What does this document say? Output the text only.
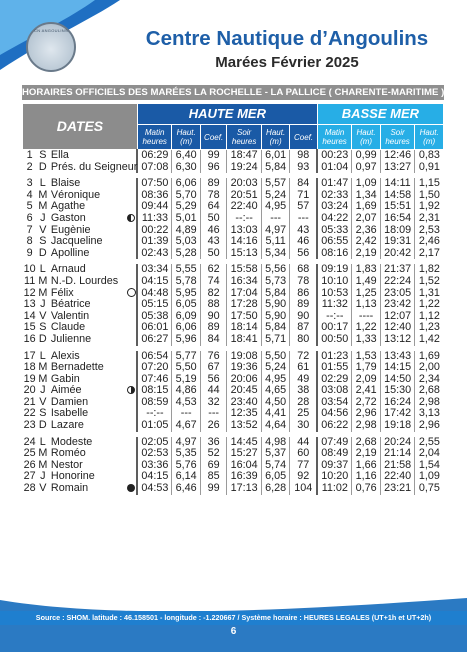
CN ANGOULINS	Centre Nautique d’Angoulins
Marées Février 2025
HORAIRES OFFICIELS DES MARÉES LA ROCHELLE - LA PALLICE ( CHARENTE-MARITIME )
DATES				HAUTE MER						BASSE MER			
				Matin heures	Haut. (m)	Coef.	Soir heures	Haut. (m)	Coef.	Matin heures	Haut. (m)	Soir heures	Haut. (m)
1	S	Ella		06:29	6,40	99	18:47	6,01	98	00:23	0,99	12:46	0,83
2	D	Prés. du Seigneur		07:08	6,30	96	19:24	5,84	93	01:04	0,97	13:27	0,91

3	L	Blaise		07:50	6,06	89	20:03	5,57	84	01:47	1,09	14:11	1,15
4	M	Véronique		08:36	5,70	78	20:51	5,24	71	02:33	1,34	14:58	1,50
5	M	Agathe		09:44	5,29	64	22:40	4,95	57	03:24	1,69	15:51	1,92
6	J	Gaston		11:33	5,01	50	--:--	---	---	04:22	2,07	16:54	2,31
7	V	Eugènie		00:22	4,89	46	13:03	4,97	43	05:33	2,36	18:09	2,53
8	S	Jacqueline		01:39	5,03	43	14:16	5,11	46	06:55	2,42	19:31	2,46
9	D	Apolline		02:43	5,28	50	15:13	5,34	56	08:16	2,19	20:42	2,17

10	L	Arnaud		03:34	5,55	62	15:58	5,56	68	09:19	1,83	21:37	1,82
11	M	N.-D. Lourdes		04:15	5,78	74	16:34	5,73	78	10:10	1,49	22:24	1,52
12	M	Félix		04:48	5,95	82	17:04	5,84	86	10:53	1,25	23:05	1,31
13	J	Béatrice		05:15	6,05	88	17:28	5,90	89	11:32	1,13	23:42	1,22
14	V	Valentin		05:38	6,09	90	17:50	5,90	90	--:--	----	12:07	1,12
15	S	Claude		06:01	6,06	89	18:14	5,84	87	00:17	1,22	12:40	1,23
16	D	Julienne		06:27	5,96	84	18:41	5,71	80	00:50	1,33	13:12	1,42

17	L	Alexis		06:54	5,77	76	19:08	5,50	72	01:23	1,53	13:43	1,69
18	M	Bernadette		07:20	5,50	67	19:36	5,24	61	01:55	1,79	14:15	2,00
19	M	Gabin		07:46	5,19	56	20:06	4,95	49	02:29	2,09	14:50	2,34
20	J	Aimée		08:15	4,86	44	20:45	4,65	38	03:08	2,41	15:30	2,68
21	V	Damien		08:59	4,53	32	23:40	4,50	28	03:54	2,72	16:24	2,98
22	S	Isabelle		--:--	---	---	12:35	4,41	25	04:56	2,96	17:42	3,13
23	D	Lazare		01:05	4,67	26	13:52	4,64	30	06:22	2,98	19:18	2,96

24	L	Modeste		02:05	4,97	36	14:45	4,98	44	07:49	2,68	20:24	2,55
25	M	Roméo		02:53	5,35	52	15:27	5,37	60	08:49	2,19	21:14	2,04
26	M	Nestor		03:36	5,76	69	16:04	5,74	77	09:37	1,66	21:58	1,54
27	J	Honorine		04:15	6,14	85	16:39	6,05	92	10:20	1,16	22:40	1,09
28	V	Romain		04:53	6,46	99	17:13	6,28	104	11:02	0,76	23:21	0,75
Source : SHOM. latitude : 46.158501 - longitude : -1.220667 / Système horaire : HEURES LEGALES (UT+1h et UT+2h)
6
